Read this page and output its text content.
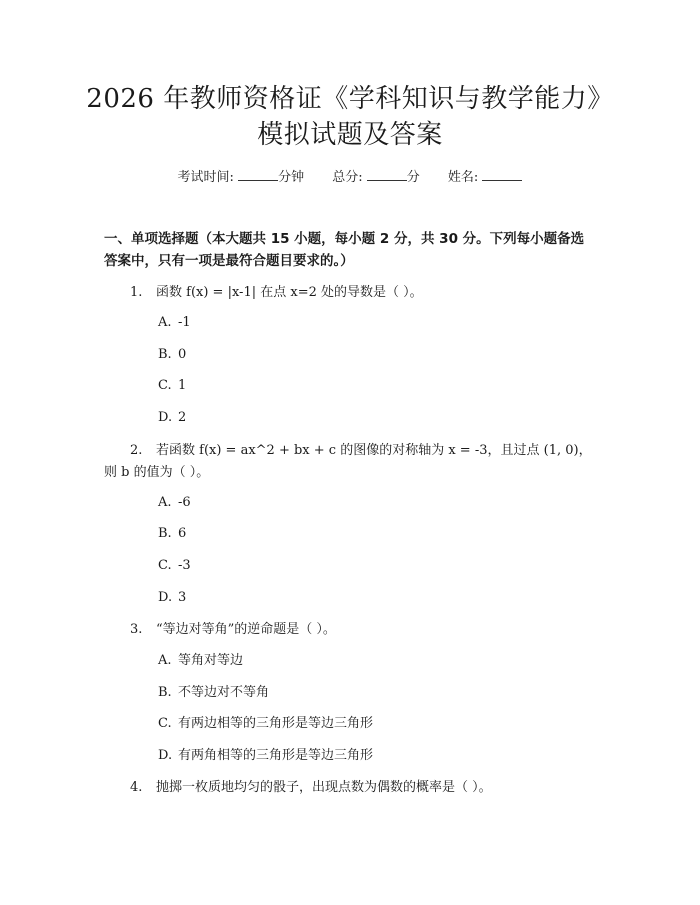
2026 年教师资格证《学科知识与教学能力》
模拟试题及答案
考试时间:	分钟 总分:	分 姓名:
一、单项选择题（本大题共 15 小题，每小题 2 分，共 30 分。下列每小题备选答案中，只有一项是最符合题目要求的。）
1. 函数 f(x) = |x-1| 在点 x=2 处的导数是（ ）。
A. -1
B. 0
C. 1
D. 2
2. 若函数 f(x) = ax^2 + bx + c 的图像的对称轴为 x = -3，且过点 (1, 0)，则 b 的值为（ ）。
A. -6
B. 6
C. -3
D. 3
3. “等边对等角”的逆命题是（ ）。
A. 等角对等边
B. 不等边对不等角
C. 有两边相等的三角形是等边三角形
D. 有两角相等的三角形是等边三角形
4. 抛掷一枚质地均匀的骰子，出现点数为偶数的概率是（ ）。
